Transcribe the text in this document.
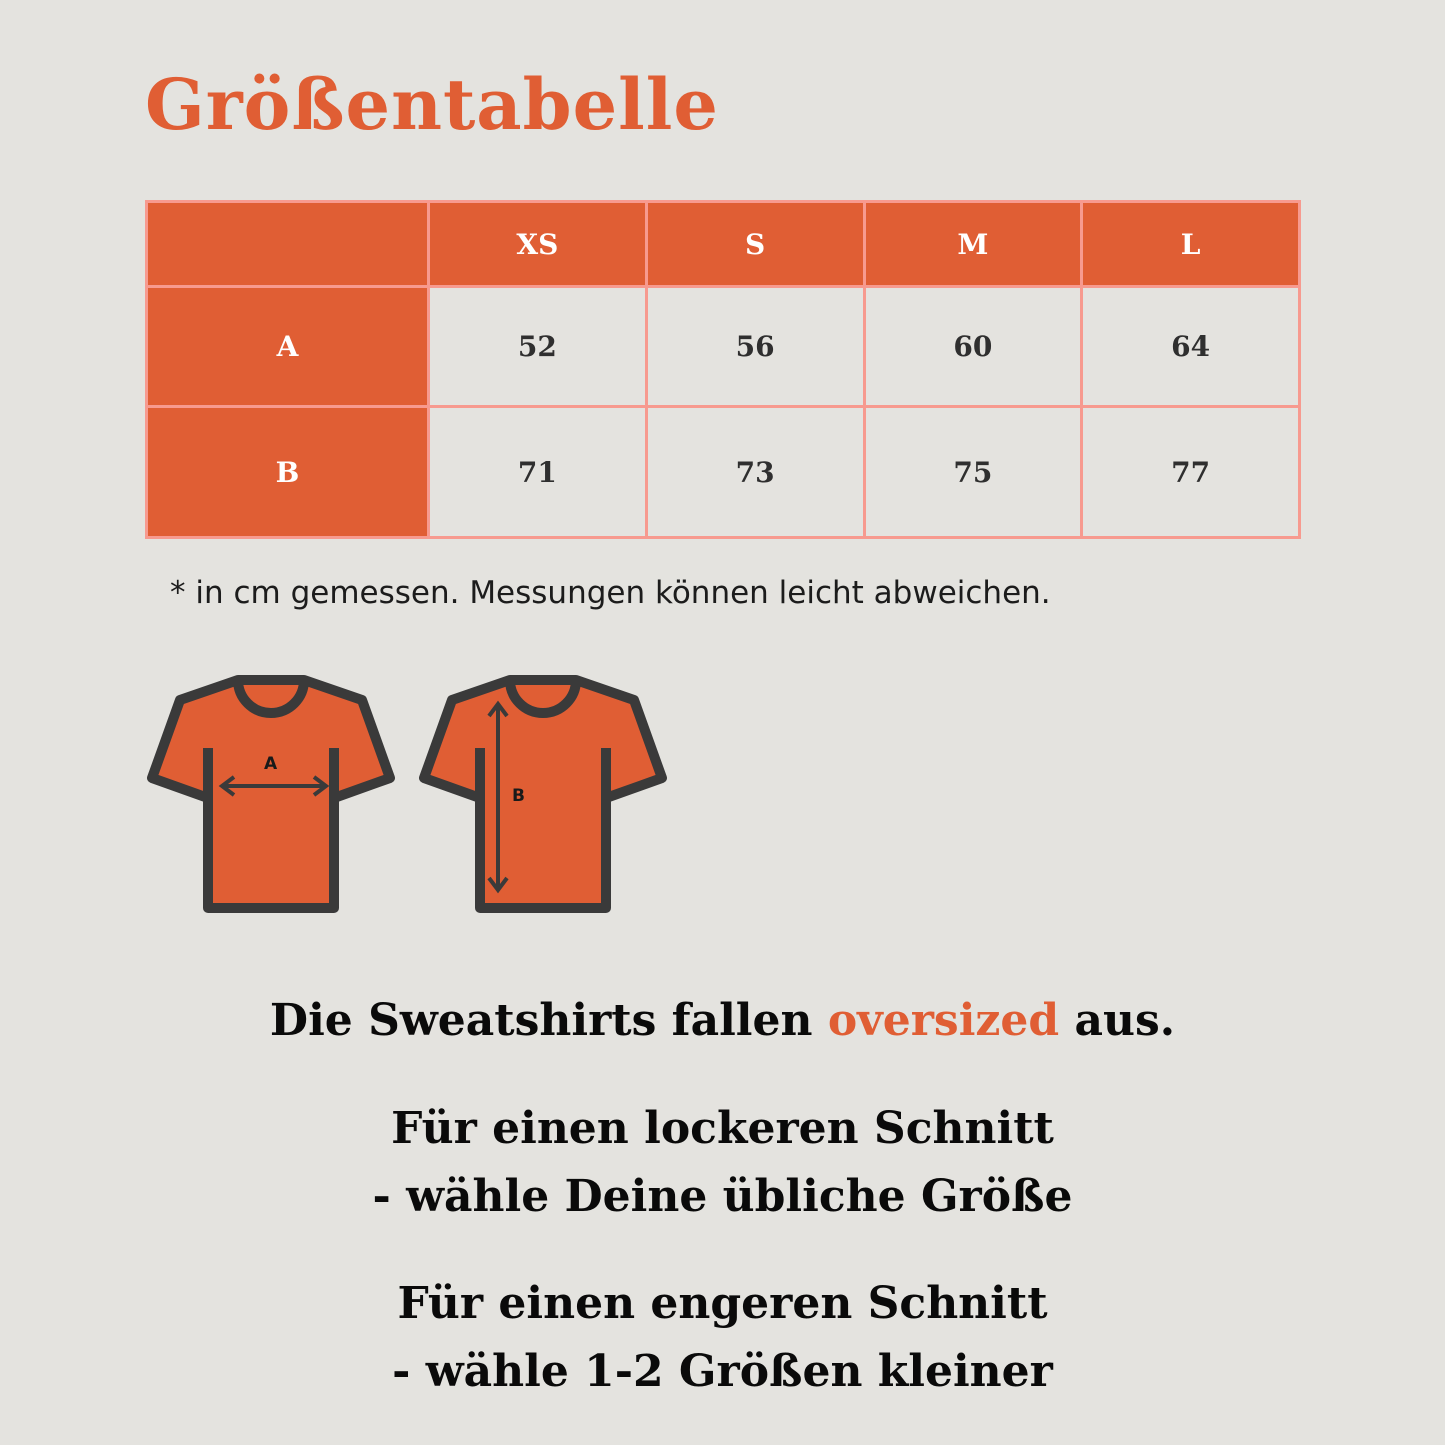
Größentabelle
	XS	S	M	L
A	52	56	60	64
B	71	73	75	77

* in cm gemessen. Messungen können leicht abweichen.

A
B

Die Sweatshirts fallen oversized aus.

Für einen lockeren Schnitt
- wähle Deine übliche Größe

Für einen engeren Schnitt
- wähle 1-2 Größen kleiner
